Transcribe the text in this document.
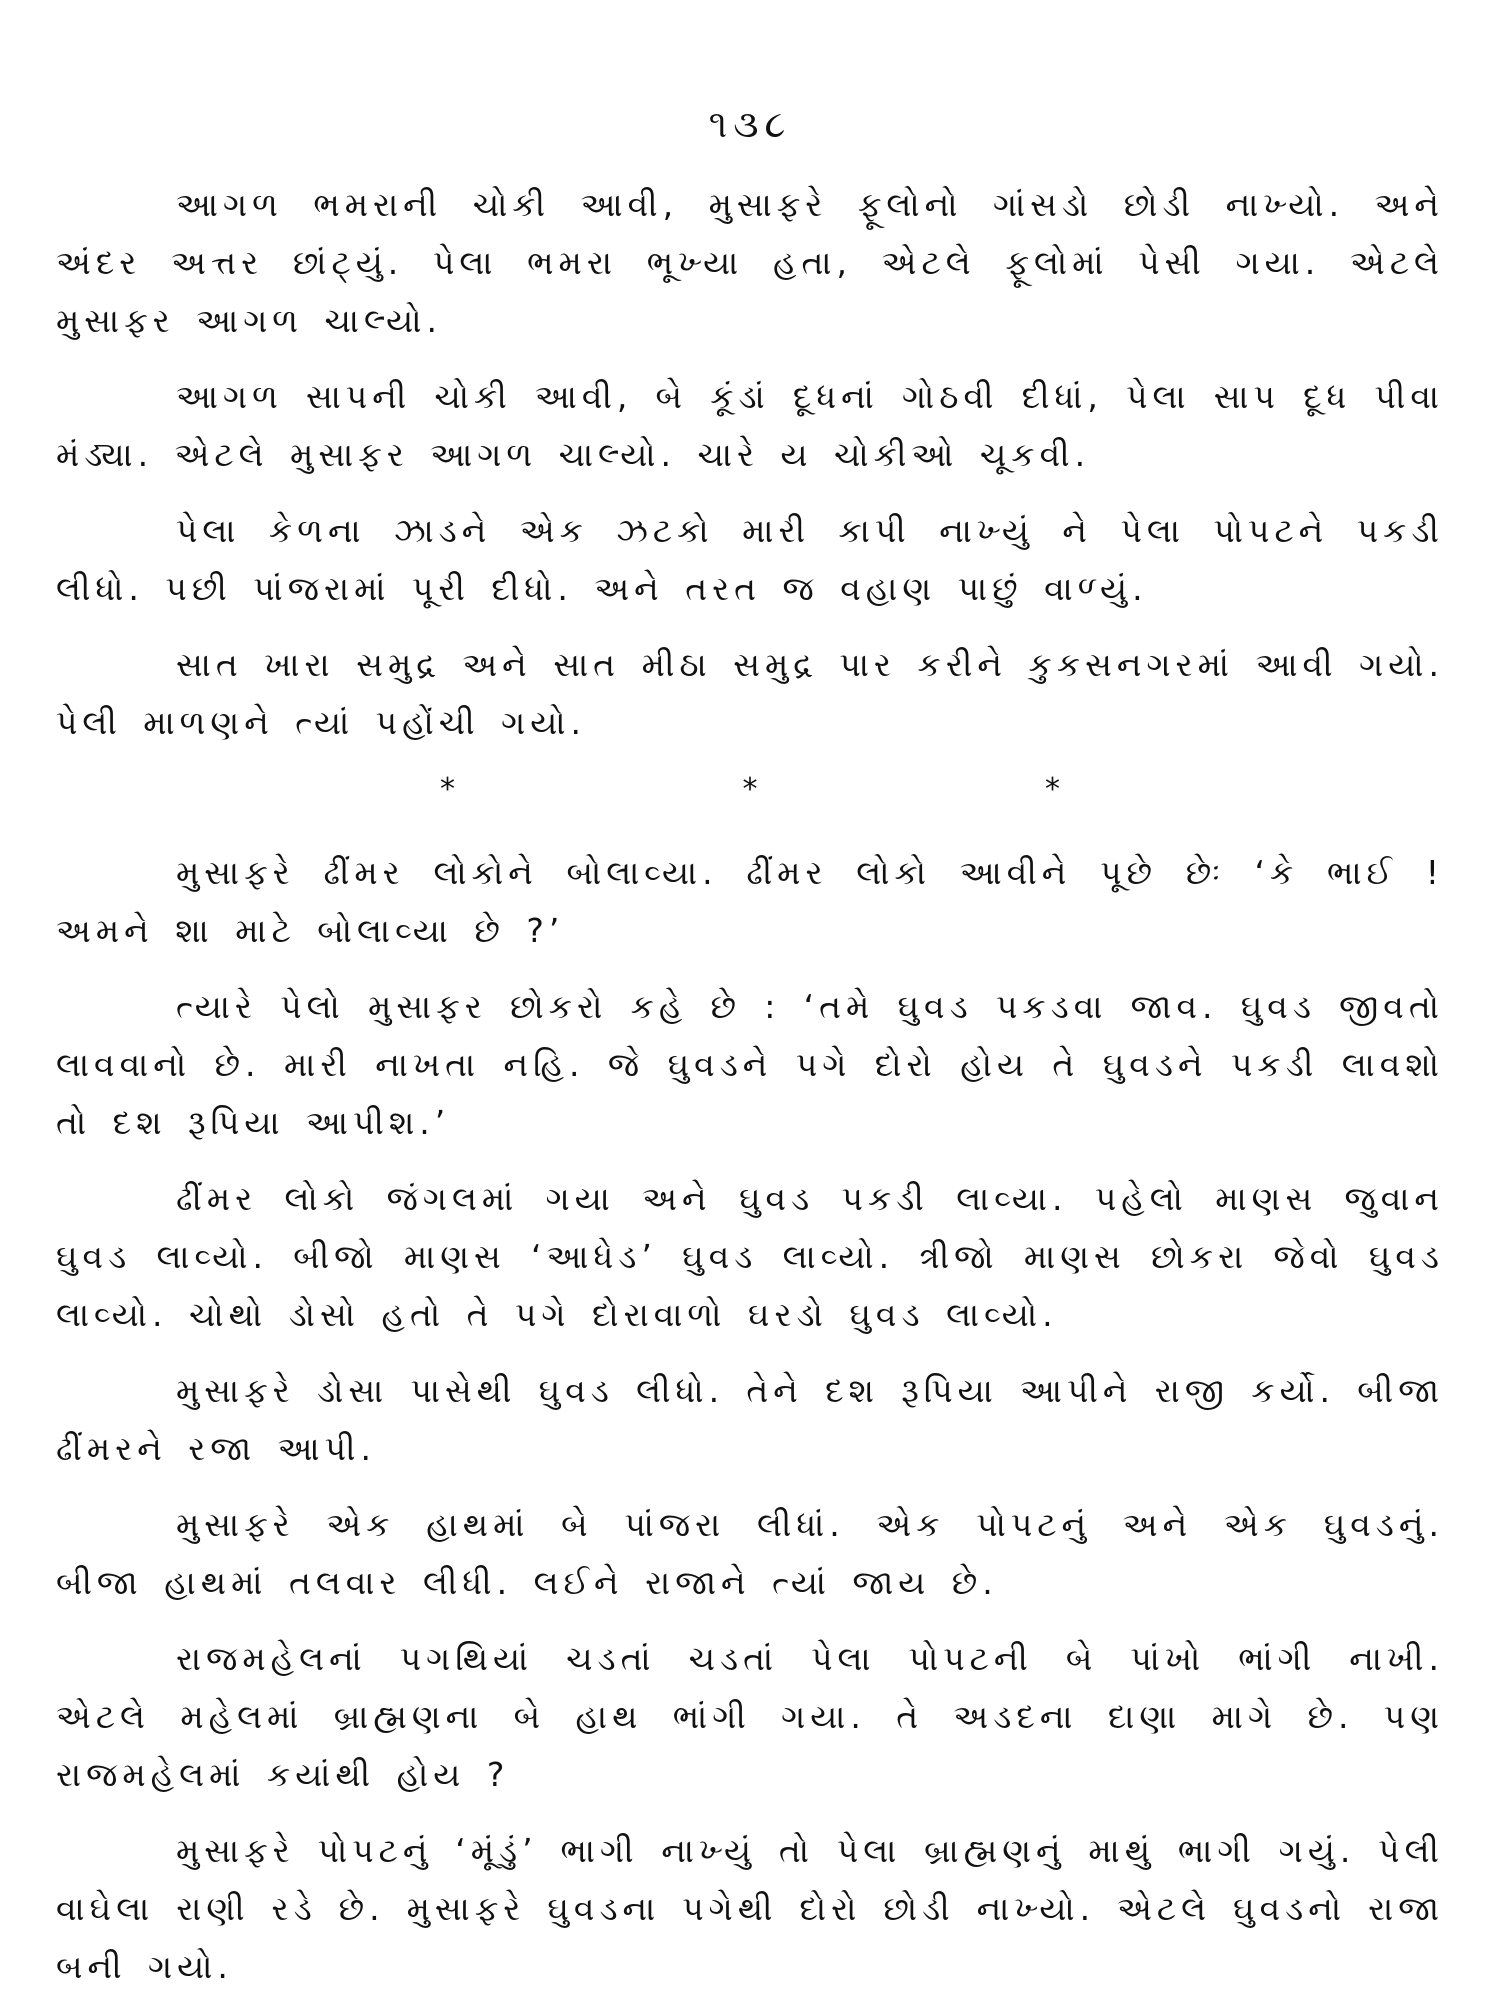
૧૩૮

આગળ ભમરાની ચોકી આવી, મુસાફરે ફૂલોનો ગાંસડો છોડી નાખ્યો. અને અંદર અત્તર છાંટ્યું. પેલા ભમરા ભૂખ્યા હતા, એટલે ફૂલોમાં પેસી ગયા. એટલે મુસાફર આગળ ચાલ્યો.

આગળ સાપની ચોકી આવી, બે કૂંડાં દૂધનાં ગોઠવી દીધાં, પેલા સાપ દૂધ પીવા મંડ્યા. એટલે મુસાફર આગળ ચાલ્યો. ચારે ય ચોકીઓ ચૂકવી.

પેલા કેળના ઝાડને એક ઝટકો મારી કાપી નાખ્યું ને પેલા પોપટને પકડી લીધો. પછી પાંજરામાં પૂરી દીધો. અને તરત જ વહાણ પાછું વાળ્યું.

સાત ખારા સમુદ્ર અને સાત મીઠા સમુદ્ર પાર કરીને કુકસનગરમાં આવી ગયો. પેલી માળણને ત્યાં પહોંચી ગયો.

*	*	*

મુસાફરે ઢીંમર લોકોને બોલાવ્યા. ઢીંમર લોકો આવીને પૂછે છેઃ ‘કે ભાઈ ! અમને શા માટે બોલાવ્યા છે ?’

ત્યારે પેલો મુસાફર છોકરો કહે છે : ‘તમે ઘુવડ પકડવા જાવ. ઘુવડ જીવતો લાવવાનો છે. મારી નાખતા નહિ. જે ઘુવડને પગે દોરો હોય તે ઘુવડને પકડી લાવશો તો દશ રૂપિયા આપીશ.’

ઢીંમર લોકો જંગલમાં ગયા અને ઘુવડ પકડી લાવ્યા. પહેલો માણસ જુવાન ઘુવડ લાવ્યો. બીજો માણસ ‘આધેડ’ ઘુવડ લાવ્યો. ત્રીજો માણસ છોકરા જેવો ઘુવડ લાવ્યો. ચોથો ડોસો હતો તે પગે દોરાવાળો ઘરડો ઘુવડ લાવ્યો.

મુસાફરે ડોસા પાસેથી ઘુવડ લીધો. તેને દશ રૂપિયા આપીને રાજી કર્યો. બીજા ઢીંમરને રજા આપી.

મુસાફરે એક હાથમાં બે પાંજરા લીધાં. એક પોપટનું અને એક ઘુવડનું. બીજા હાથમાં તલવાર લીધી. લઈને રાજાને ત્યાં જાય છે.

રાજમહેલનાં પગથિયાં ચડતાં ચડતાં પેલા પોપટની બે પાંખો ભાંગી નાખી. એટલે મહેલમાં બ્રાહ્મણના બે હાથ ભાંગી ગયા. તે અડદના દાણા માગે છે. પણ રાજમહેલમાં કયાંથી હોય ?

મુસાફરે પોપટનું ‘મૂંડું’ ભાગી નાખ્યું તો પેલા બ્રાહ્મણનું માથું ભાગી ગયું. પેલી વાઘેલા રાણી રડે છે. મુસાફરે ઘુવડના પગેથી દોરો છોડી નાખ્યો. એટલે ઘુવડનો રાજા બની ગયો.
